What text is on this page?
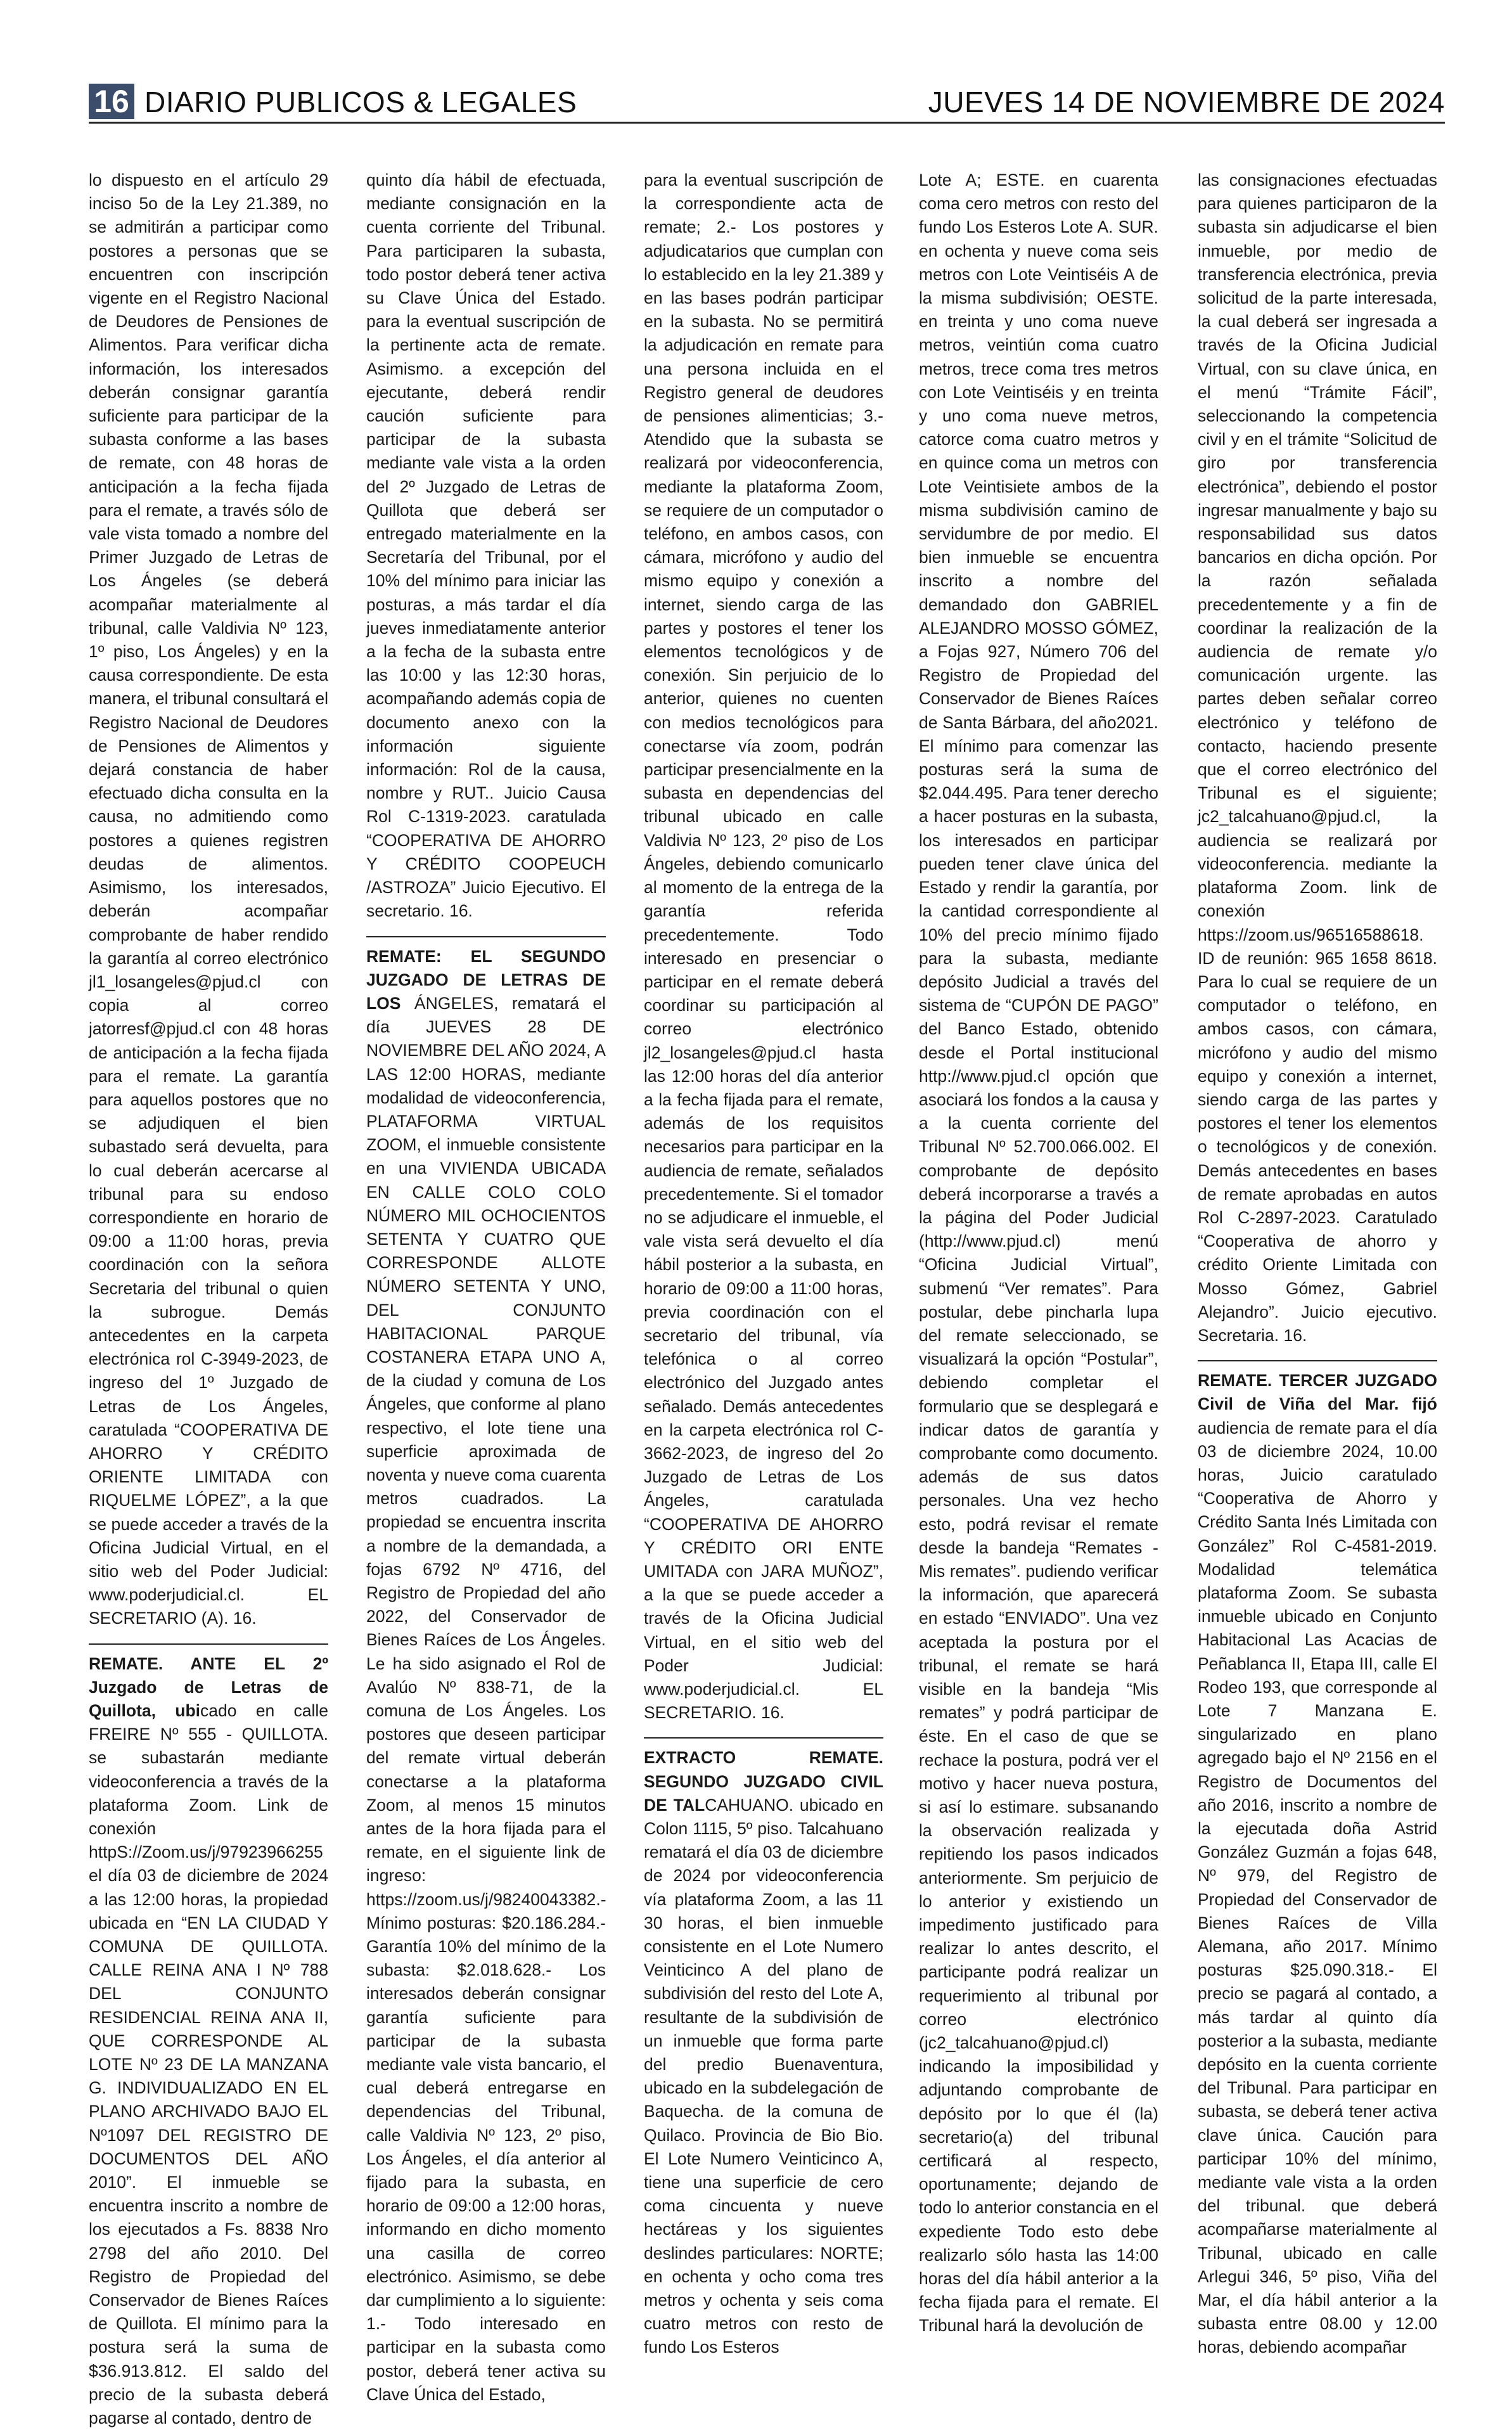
16 DIARIO PUBLICOS & LEGALES	JUEVES 14 DE NOVIEMBRE DE 2024

lo dispuesto en el artículo 29 inciso 5o de la Ley 21.389, no se admitirán a participar como postores a personas que se encuentren con inscripción vigente en el Registro Nacional de Deudores de Pensiones de Alimentos. Para verificar dicha información, los interesados deberán consignar garantía suficiente para participar de la subasta conforme a las bases de remate, con 48 horas de anticipación a la fecha fijada para el remate, a través sólo de vale vista tomado a nombre del Primer Juzgado de Letras de Los Ángeles (se deberá acompañar materialmente al tribunal, calle Valdivia Nº 123, 1º piso, Los Ángeles) y en la causa correspondiente. De esta manera, el tribunal consultará el Registro Nacional de Deudores de Pensiones de Alimentos y dejará constancia de haber efectuado dicha consulta en la causa, no admitiendo como postores a quienes registren deudas de alimentos. Asimismo, los interesados, deberán acompañar comprobante de haber rendido la garantía al correo electrónico jl1_losangeles@pjud.cl con copia al correo jatorresf@pjud.cl con 48 horas de anticipación a la fecha fijada para el remate. La garantía para aquellos postores que no se adjudiquen el bien subastado será devuelta, para lo cual deberán acercarse al tribunal para su endoso correspondiente en horario de 09:00 a 11:00 horas, previa coordinación con la señora Secretaria del tribunal o quien la subrogue. Demás antecedentes en la carpeta electrónica rol C-3949-2023, de ingreso del 1º Juzgado de Letras de Los Ángeles, caratulada “COOPERATIVA DE AHORRO Y CRÉDITO ORIENTE LIMITADA con RIQUELME LÓPEZ”, a la que se puede acceder a través de la Oficina Judicial Virtual, en el sitio web del Poder Judicial: www.poderjudicial.cl. EL SECRETARIO (A). 16.

REMATE. ANTE EL 2º Juzgado de Letras de Quillota, ubicado en calle FREIRE Nº 555 - QUILLOTA. se subastarán mediante videoconferencia a través de la plataforma Zoom. Link de conexión httpS://Zoom.us/j/97923966255 el día 03 de diciembre de 2024 a las 12:00 horas, la propiedad ubicada en “EN LA CIUDAD Y COMUNA DE QUILLOTA. CALLE REINA ANA I Nº 788 DEL CONJUNTO RESIDENCIAL REINA ANA II, QUE CORRESPONDE AL LOTE Nº 23 DE LA MANZANA G. INDIVIDUALIZADO EN EL PLANO ARCHIVADO BAJO EL Nº1097 DEL REGISTRO DE DOCUMENTOS DEL AÑO 2010”. El inmueble se encuentra inscrito a nombre de los ejecutados a Fs. 8838 Nro 2798 del año 2010. Del Registro de Propiedad del Conservador de Bienes Raíces de Quillota. El mínimo para la postura será la suma de $36.913.812. El saldo del precio de la subasta deberá pagarse al contado, dentro de

quinto día hábil de efectuada, mediante consignación en la cuenta corriente del Tribunal. Para participaren la subasta, todo postor deberá tener activa su Clave Única del Estado. para la eventual suscripción de la pertinente acta de remate. Asimismo. a excepción del ejecutante, deberá rendir caución suficiente para participar de la subasta mediante vale vista a la orden del 2º Juzgado de Letras de Quillota que deberá ser entregado materialmente en la Secretaría del Tribunal, por el 10% del mínimo para iniciar las posturas, a más tardar el día jueves inmediatamente anterior a la fecha de la subasta entre las 10:00 y las 12:30 horas, acompañando además copia de documento anexo con la información siguiente información: Rol de la causa, nombre y RUT.. Juicio Causa Rol C-1319-2023. caratulada “COOPERATIVA DE AHORRO Y CRÉDITO COOPEUCH /ASTROZA” Juicio Ejecutivo. El secretario. 16.

REMATE: EL SEGUNDO JUZGADO DE LETRAS DE LOS ÁNGELES, rematará el día JUEVES 28 DE NOVIEMBRE DEL AÑO 2024, A LAS 12:00 HORAS, mediante modalidad de videoconferencia, PLATAFORMA VIRTUAL ZOOM, el inmueble consistente en una VIVIENDA UBICADA EN CALLE COLO COLO NÚMERO MIL OCHOCIENTOS SETENTA Y CUATRO QUE CORRESPONDE ALLOTE NÚMERO SETENTA Y UNO, DEL CONJUNTO HABITACIONAL PARQUE COSTANERA ETAPA UNO A, de la ciudad y comuna de Los Ángeles, que conforme al plano respectivo, el lote tiene una superficie aproximada de noventa y nueve coma cuarenta metros cuadrados. La propiedad se encuentra inscrita a nombre de la demandada, a fojas 6792 Nº 4716, del Registro de Propiedad del año 2022, del Conservador de Bienes Raíces de Los Ángeles. Le ha sido asignado el Rol de Avalúo Nº 838-71, de la comuna de Los Ángeles. Los postores que deseen participar del remate virtual deberán conectarse a la plataforma Zoom, al menos 15 minutos antes de la hora fijada para el remate, en el siguiente link de ingreso: https://zoom.us/j/98240043382.- Mínimo posturas: $20.186.284.- Garantía 10% del mínimo de la subasta: $2.018.628.- Los interesados deberán consignar garantía suficiente para participar de la subasta mediante vale vista bancario, el cual deberá entregarse en dependencias del Tribunal, calle Valdivia Nº 123, 2º piso, Los Ángeles, el día anterior al fijado para la subasta, en horario de 09:00 a 12:00 horas, informando en dicho momento una casilla de correo electrónico. Asimismo, se debe dar cumplimiento a lo siguiente: 1.- Todo interesado en participar en la subasta como postor, deberá tener activa su Clave Única del Estado,

para la eventual suscripción de la correspondiente acta de remate; 2.- Los postores y adjudicatarios que cumplan con lo establecido en la ley 21.389 y en las bases podrán participar en la subasta. No se permitirá la adjudicación en remate para una persona incluida en el Registro general de deudores de pensiones alimenticias; 3.- Atendido que la subasta se realizará por videoconferencia, mediante la plataforma Zoom, se requiere de un computador o teléfono, en ambos casos, con cámara, micrófono y audio del mismo equipo y conexión a internet, siendo carga de las partes y postores el tener los elementos tecnológicos y de conexión. Sin perjuicio de lo anterior, quienes no cuenten con medios tecnológicos para conectarse vía zoom, podrán participar presencialmente en la subasta en dependencias del tribunal ubicado en calle Valdivia Nº 123, 2º piso de Los Ángeles, debiendo comunicarlo al momento de la entrega de la garantía referida precedentemente. Todo interesado en presenciar o participar en el remate deberá coordinar su participación al correo electrónico jl2_losangeles@pjud.cl hasta las 12:00 horas del día anterior a la fecha fijada para el remate, además de los requisitos necesarios para participar en la audiencia de remate, señalados precedentemente. Si el tomador no se adjudicare el inmueble, el vale vista será devuelto el día hábil posterior a la subasta, en horario de 09:00 a 11:00 horas, previa coordinación con el secretario del tribunal, vía telefónica o al correo electrónico del Juzgado antes señalado. Demás antecedentes en la carpeta electrónica rol C-3662-2023, de ingreso del 2o Juzgado de Letras de Los Ángeles, caratulada “COOPERATIVA DE AHORRO Y CRÉDITO ORI ENTE UMITADA con JARA MUÑOZ”, a la que se puede acceder a través de la Oficina Judicial Virtual, en el sitio web del Poder Judicial: www.poderjudicial.cl. EL SECRETARIO. 16.

EXTRACTO REMATE. SEGUNDO JUZGADO CIVIL DE TALCAHUANO. ubicado en Colon 1115, 5º piso. Talcahuano rematará el día 03 de diciembre de 2024 por videoconferencia vía plataforma Zoom, a las 11 30 horas, el bien inmueble consistente en el Lote Numero Veinticinco A del plano de subdivisión del resto del Lote A, resultante de la subdivisión de un inmueble que forma parte del predio Buenaventura, ubicado en la subdelegación de Baquecha. de la comuna de Quilaco. Provincia de Bio Bio. El Lote Numero Veinticinco A, tiene una superficie de cero coma cincuenta y nueve hectáreas y los siguientes deslindes particulares: NORTE; en ochenta y ocho coma tres metros y ochenta y seis coma cuatro metros con resto de fundo Los Esteros

Lote A; ESTE. en cuarenta coma cero metros con resto del fundo Los Esteros Lote A. SUR. en ochenta y nueve coma seis metros con Lote Veintiséis A de la misma subdivisión; OESTE. en treinta y uno coma nueve metros, veintiún coma cuatro metros, trece coma tres metros con Lote Veintiséis y en treinta y uno coma nueve metros, catorce coma cuatro metros y en quince coma un metros con Lote Veintisiete ambos de la misma subdivisión camino de servidumbre de por medio. El bien inmueble se encuentra inscrito a nombre del demandado don GABRIEL ALEJANDRO MOSSO GÓMEZ, a Fojas 927, Número 706 del Registro de Propiedad del Conservador de Bienes Raíces de Santa Bárbara, del año2021. El mínimo para comenzar las posturas será la suma de $2.044.495. Para tener derecho a hacer posturas en la subasta, los interesados en participar pueden tener clave única del Estado y rendir la garantía, por la cantidad correspondiente al 10% del precio mínimo fijado para la subasta, mediante depósito Judicial a través del sistema de “CUPÓN DE PAGO” del Banco Estado, obtenido desde el Portal institucional http://www.pjud.cl opción que asociará los fondos a la causa y a la cuenta corriente del Tribunal Nº 52.700.066.002. El comprobante de depósito deberá incorporarse a través a la página del Poder Judicial (http://www.pjud.cl) menú “Oficina Judicial Virtual”, submenú “Ver remates”. Para postular, debe pincharla lupa del remate seleccionado, se visualizará la opción “Postular”, debiendo completar el formulario que se desplegará e indicar datos de garantía y comprobante como documento. además de sus datos personales. Una vez hecho esto, podrá revisar el remate desde la bandeja “Remates - Mis remates”. pudiendo verificar la información, que aparecerá en estado “ENVIADO”. Una vez aceptada la postura por el tribunal, el remate se hará visible en la bandeja “Mis remates” y podrá participar de éste. En el caso de que se rechace la postura, podrá ver el motivo y hacer nueva postura, si así lo estimare. subsanando la observación realizada y repitiendo los pasos indicados anteriormente. Sm perjuicio de lo anterior y existiendo un impedimento justificado para realizar lo antes descrito, el participante podrá realizar un requerimiento al tribunal por correo electrónico (jc2_talcahuano@pjud.cl) indicando la imposibilidad y adjuntando comprobante de depósito por lo que él (la) secretario(a) del tribunal certificará al respecto, oportunamente; dejando de todo lo anterior constancia en el expediente Todo esto debe realizarlo sólo hasta las 14:00 horas del día hábil anterior a la fecha fijada para el remate. El Tribunal hará la devolución de

las consignaciones efectuadas para quienes participaron de la subasta sin adjudicarse el bien inmueble, por medio de transferencia electrónica, previa solicitud de la parte interesada, la cual deberá ser ingresada a través de la Oficina Judicial Virtual, con su clave única, en el menú “Trámite Fácil”, seleccionando la competencia civil y en el trámite “Solicitud de giro por transferencia electrónica”, debiendo el postor ingresar manualmente y bajo su responsabilidad sus datos bancarios en dicha opción. Por la razón señalada precedentemente y a fin de coordinar la realización de la audiencia de remate y/o comunicación urgente. las partes deben señalar correo electrónico y teléfono de contacto, haciendo presente que el correo electrónico del Tribunal es el siguiente; jc2_talcahuano@pjud.cl, la audiencia se realizará por videoconferencia. mediante la plataforma Zoom. link de conexión https://zoom.us/96516588618. ID de reunión: 965 1658 8618. Para lo cual se requiere de un computador o teléfono, en ambos casos, con cámara, micrófono y audio del mismo equipo y conexión a internet, siendo carga de las partes y postores el tener los elementos o tecnológicos y de conexión. Demás antecedentes en bases de remate aprobadas en autos Rol C-2897-2023. Caratulado “Cooperativa de ahorro y crédito Oriente Limitada con Mosso Gómez, Gabriel Alejandro”. Juicio ejecutivo. Secretaria. 16.

REMATE. TERCER JUZGADO Civil de Viña del Mar. fijó audiencia de remate para el día 03 de diciembre 2024, 10.00 horas, Juicio caratulado “Cooperativa de Ahorro y Crédito Santa Inés Limitada con González” Rol C-4581-2019. Modalidad telemática plataforma Zoom. Se subasta inmueble ubicado en Conjunto Habitacional Las Acacias de Peñablanca II, Etapa III, calle El Rodeo 193, que corresponde al Lote 7 Manzana E. singularizado en plano agregado bajo el Nº 2156 en el Registro de Documentos del año 2016, inscrito a nombre de la ejecutada doña Astrid González Guzmán a fojas 648, Nº 979, del Registro de Propiedad del Conservador de Bienes Raíces de Villa Alemana, año 2017. Mínimo posturas $25.090.318.- El precio se pagará al contado, a más tardar al quinto día posterior a la subasta, mediante depósito en la cuenta corriente del Tribunal. Para participar en subasta, se deberá tener activa clave única. Caución para participar 10% del mínimo, mediante vale vista a la orden del tribunal. que deberá acompañarse materialmente al Tribunal, ubicado en calle Arlegui 346, 5º piso, Viña del Mar, el día hábil anterior a la subasta entre 08.00 y 12.00 horas, debiendo acompañar
